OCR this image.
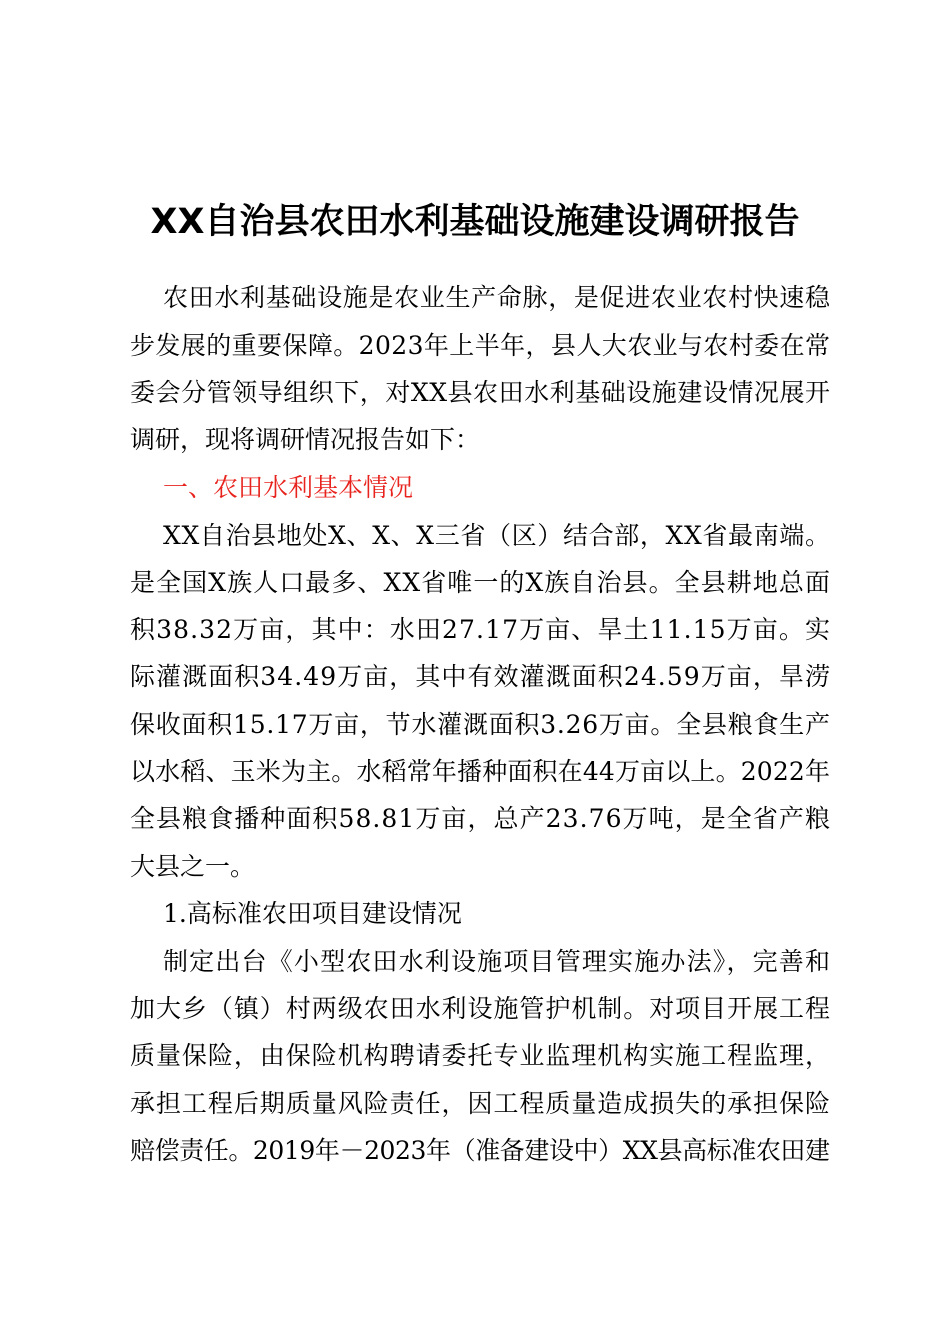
XX自治县农田水利基础设施建设调研报告

农田水利基础设施是农业生产命脉，是促进农业农村快速稳

步发展的重要保障。2023年上半年，县人大农业与农村委在常

委会分管领导组织下，对XX县农田水利基础设施建设情况展开

调研，现将调研情况报告如下：

一、农田水利基本情况

XX自治县地处X、X、X三省（区）结合部，XX省最南端。

是全国X族人口最多、XX省唯一的X族自治县。全县耕地总面

积38.32万亩，其中：水田27.17万亩、旱土11.15万亩。实

际灌溉面积34.49万亩，其中有效灌溉面积24.59万亩，旱涝

保收面积15.17万亩，节水灌溉面积3.26万亩。全县粮食生产

以水稻、玉米为主。水稻常年播种面积在44万亩以上。2022年

全县粮食播种面积58.81万亩，总产23.76万吨，是全省产粮

大县之一。

1.高标准农田项目建设情况

制定出台《小型农田水利设施项目管理实施办法》，完善和

加大乡（镇）村两级农田水利设施管护机制。对项目开展工程

质量保险，由保险机构聘请委托专业监理机构实施工程监理，

承担工程后期质量风险责任，因工程质量造成损失的承担保险

赔偿责任。2019年－2023年（准备建设中）XX县高标准农田建
